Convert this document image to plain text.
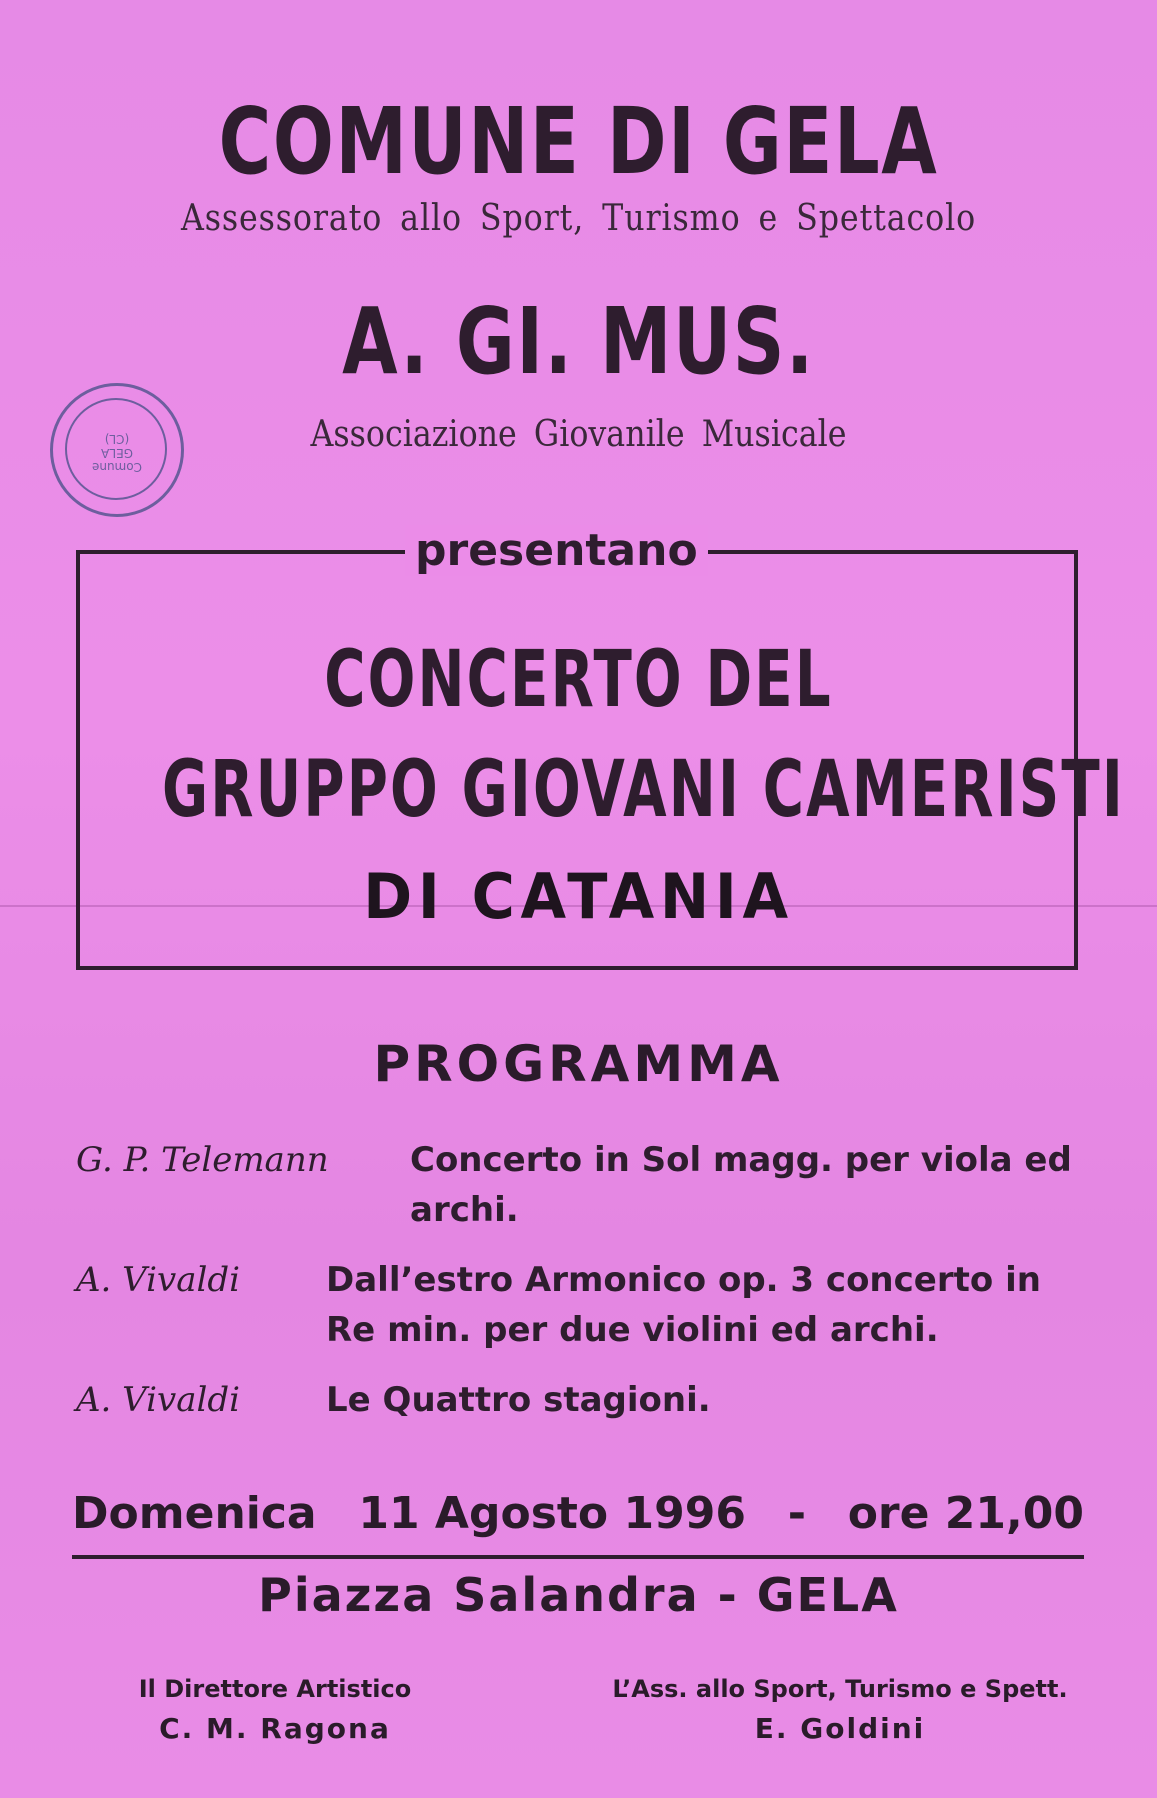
COMUNE DI GELA
Assessorato allo Sport, Turismo e Spettacolo
A. GI. MUS.
Associazione Giovanile Musicale
Comune
GELA
(CL)
presentano
CONCERTO DEL
GRUPPO GIOVANI CAMERISTI
DI CATANIA
PROGRAMMA
G. P. Telemann Concerto in Sol magg. per viola ed archi.
A. Vivaldi	Dall’estro Armonico op. 3 concerto in Re min. per due violini ed archi.
A. Vivaldi	Le Quattro stagioni.
Domenica 11 Agosto 1996 - ore 21,00
Piazza Salandra - GELA
Il Direttore Artistico
C. M. Ragona
L’Ass. allo Sport, Turismo e Spett.
E. Goldini
